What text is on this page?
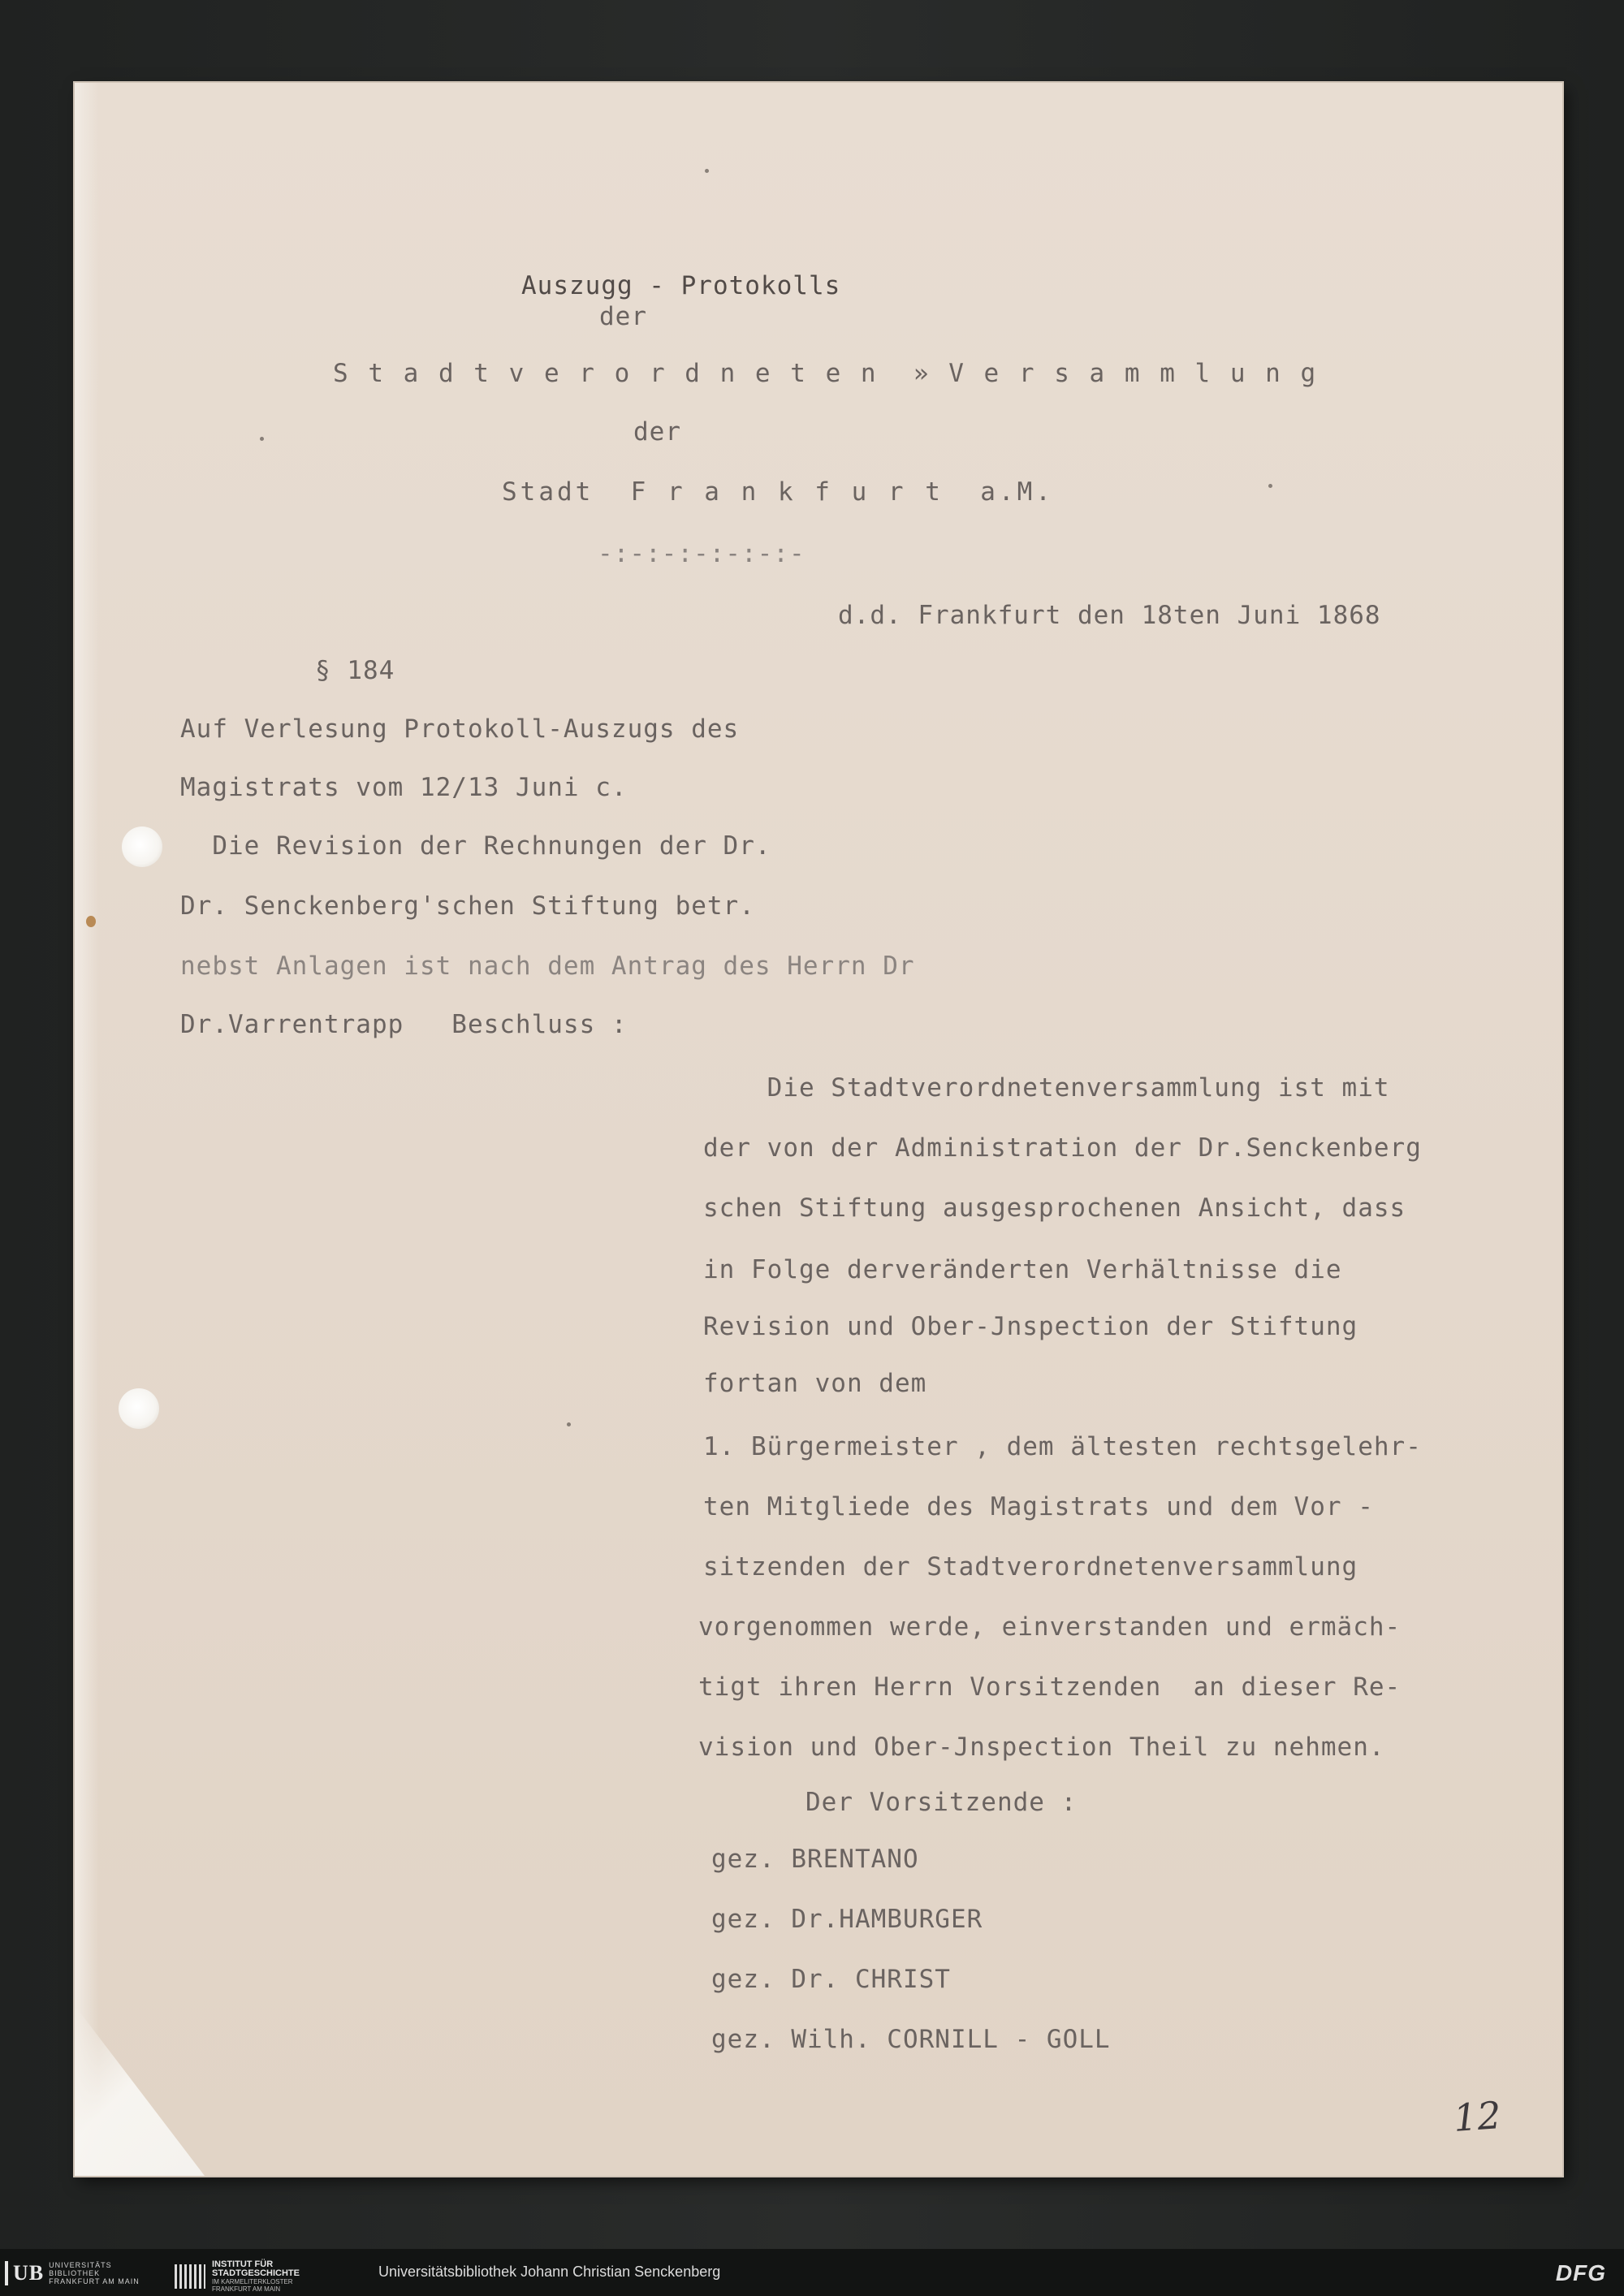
Auszugg - Protokolls

der

S t a d t v e r o r d n e t e n  » V e r s a m m l u n g

der

Stadt  F r a n k f u r t  a.M.

-:-:-:-:-:-:-

d.d. Frankfurt den 18ten Juni 1868

§ 184

Auf Verlesung Protokoll-Auszugs des

Magistrats vom 12/13 Juni c.

Die Revision der Rechnungen der Dr.

Dr. Senckenberg'schen Stiftung betr.

nebst Anlagen ist nach dem Antrag des Herrn Dr

Dr.Varrentrapp   Beschluss :

Die Stadtverordnetenversammlung ist mit

der von der Administration der Dr.Senckenberg

schen Stiftung ausgesprochenen Ansicht, dass

in Folge derveränderten Verhältnisse die

Revision und Ober-Jnspection der Stiftung

fortan von dem

1. Bürgermeister , dem ältesten rechtsgelehr-

ten Mitgliede des Magistrats und dem Vor -

sitzenden der Stadtverordnetenversammlung

vorgenommen werde, einverstanden und ermäch-

tigt ihren Herrn Vorsitzenden  an dieser Re-

vision und Ober-Jnspection Theil zu nehmen.

Der Vorsitzende :

gez. BRENTANO

gez. Dr.HAMBURGER

gez. Dr. CHRIST

gez. Wilh. CORNILL - GOLL

12
UB UNIVERSITÄTS
BIBLIOTHEK
FRANKFURT AM MAIN
INSTITUT FÜR
STADTGESCHICHTE
IM KARMELITERKLOSTER
FRANKFURT AM MAIN
Universitätsbibliothek Johann Christian Senckenberg	DFG
